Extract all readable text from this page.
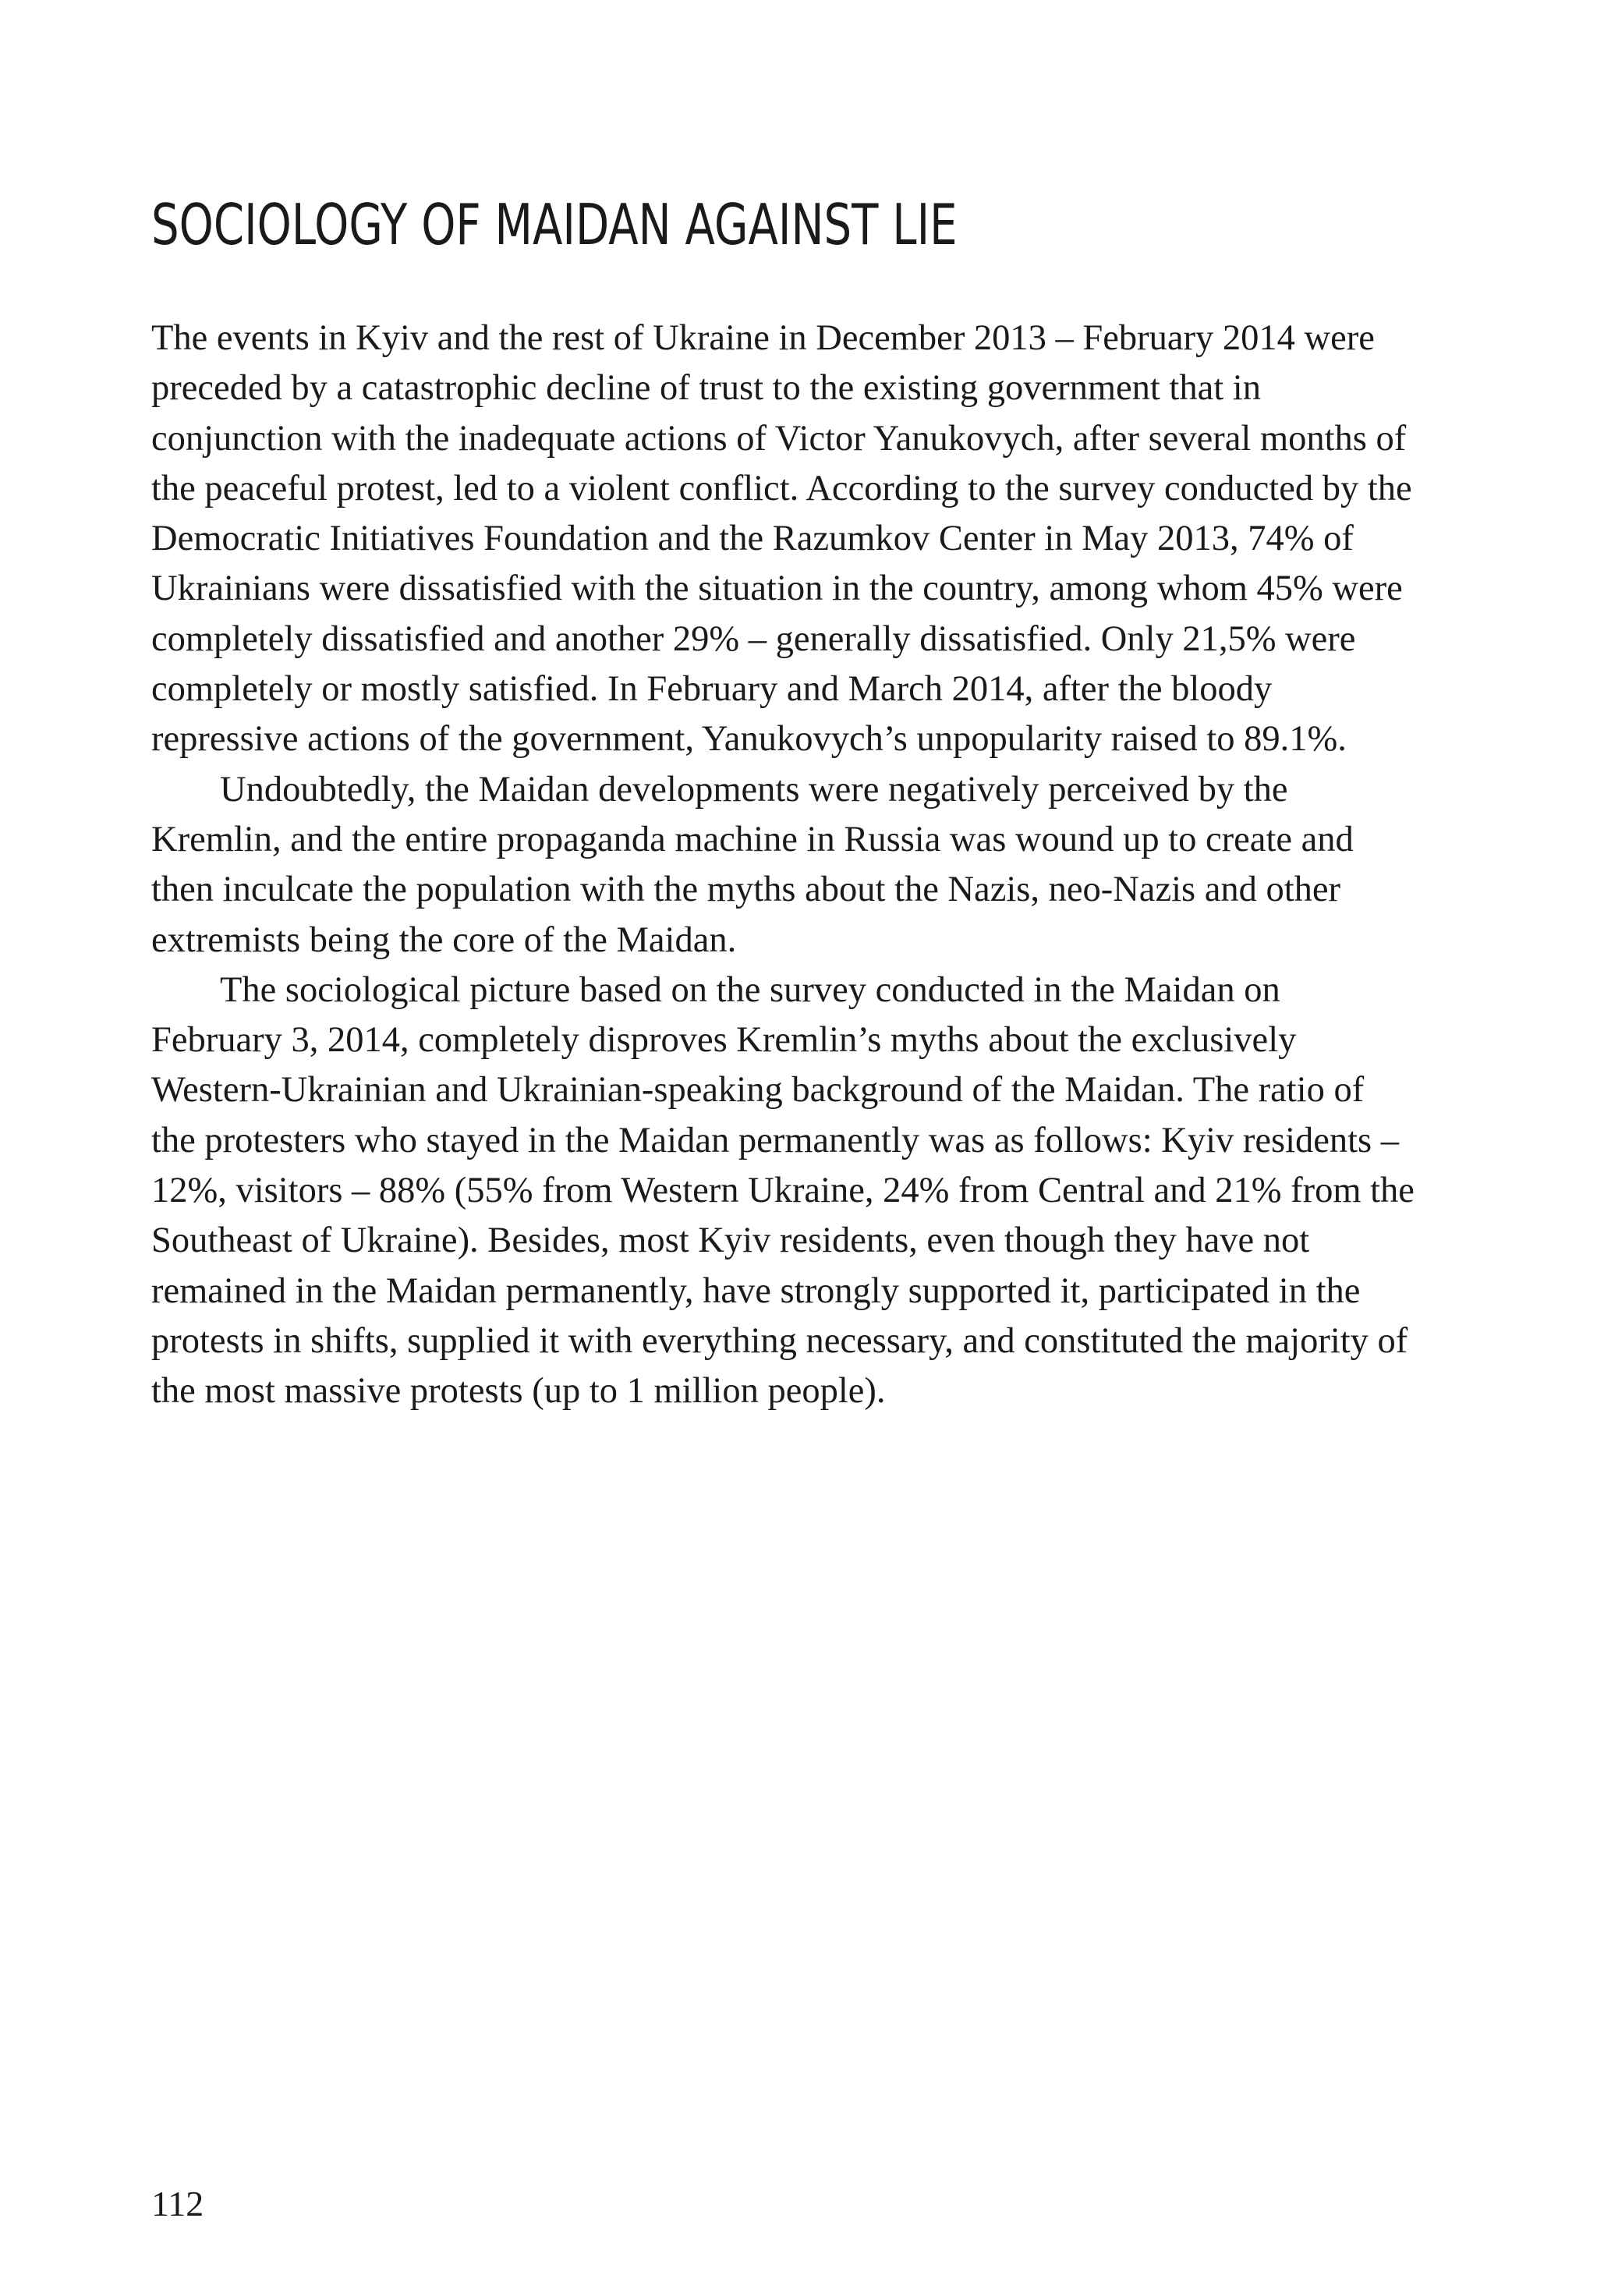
SOCIOLOGY OF MAIDAN AGAINST LIE

The events in Kyiv and the rest of Ukraine in December 2013 – February 2014 were preceded by a catastrophic decline of trust to the existing government that in conjunction with the inadequate actions of Victor Yanukovych, after several months of the peaceful protest, led to a violent conflict. According to the survey conducted by the Democratic Initiatives Foundation and the Razumkov Center in May 2013, 74% of Ukrainians were dissatisfied with the situation in the country, among whom 45% were completely dissatisfied and another 29% – generally dissatisfied. Only 21,5% were completely or mostly satisfied. In February and March 2014, after the bloody repressive actions of the government, Yanukovych’s unpopularity raised to 89.1%.

Undoubtedly, the Maidan developments were negatively perceived by the Kremlin, and the entire propaganda machine in Russia was wound up to create and then inculcate the population with the myths about the Nazis, neo-Nazis and other extremists being the core of the Maidan.

The sociological picture based on the survey conducted in the Maidan on February 3, 2014, completely disproves Kremlin’s myths about the exclusively Western-Ukrainian and Ukrainian-speaking background of the Maidan. The ratio of the protesters who stayed in the Maidan permanently was as follows: Kyiv residents – 12%, visitors – 88% (55% from Western Ukraine, 24% from Central and 21% from the Southeast of Ukraine). Besides, most Kyiv residents, even though they have not remained in the Maidan permanently, have strongly supported it, participated in the protests in shifts, supplied it with everything necessary, and constituted the majority of the most massive protests (up to 1 million people).

112
